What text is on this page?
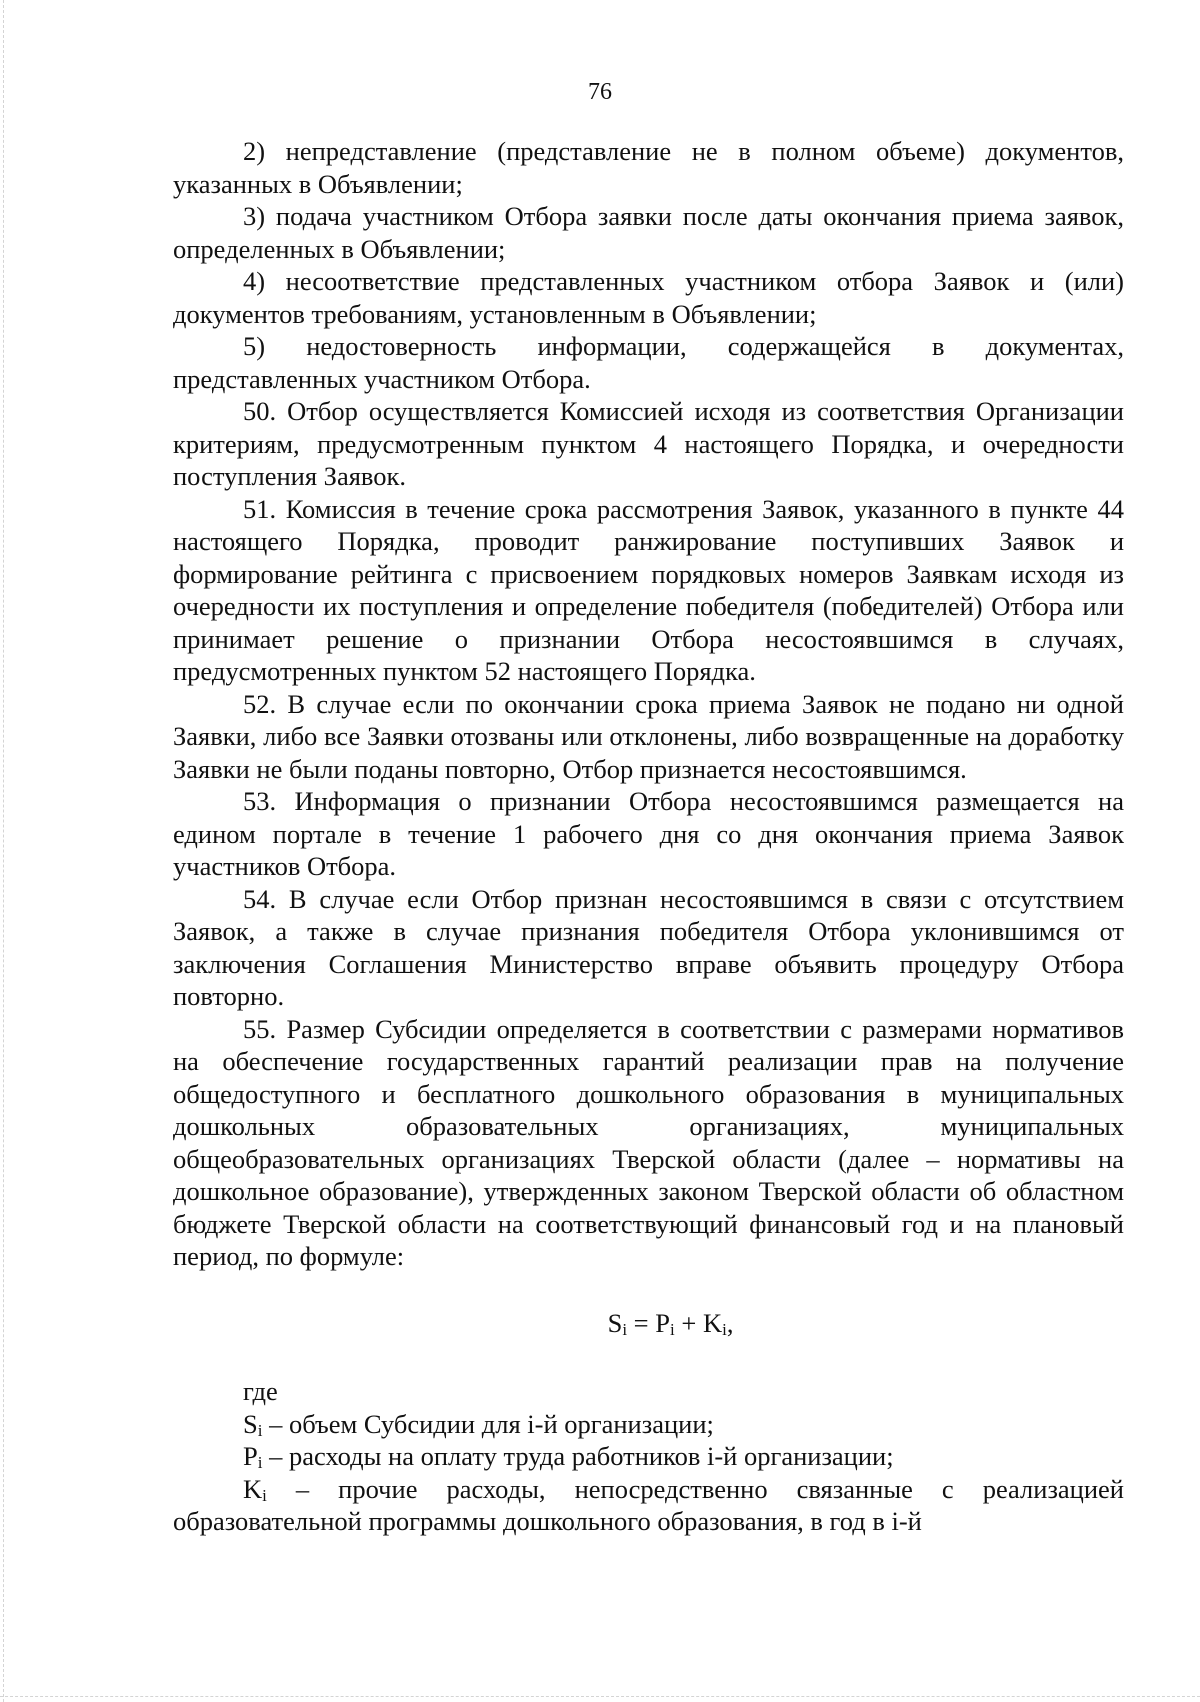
76

2) непредставление (представление не в полном объеме) документов, указанных в Объявлении;

3) подача участником Отбора заявки после даты окончания приема заявок, определенных в Объявлении;

4) несоответствие представленных участником отбора Заявок и (или) документов требованиям, установленным в Объявлении;

5) недостоверность информации, содержащейся в документах, представленных участником Отбора.

50. Отбор осуществляется Комиссией исходя из соответствия Организации критериям, предусмотренным пунктом 4 настоящего Порядка, и очередности поступления Заявок.

51. Комиссия в течение срока рассмотрения Заявок, указанного в пункте 44 настоящего Порядка, проводит ранжирование поступивших Заявок и формирование рейтинга с присвоением порядковых номеров Заявкам исходя из очередности их поступления и определение победителя (победителей) Отбора или принимает решение о признании Отбора несостоявшимся в случаях, предусмотренных пунктом 52 настоящего Порядка.

52. В случае если по окончании срока приема Заявок не подано ни одной Заявки, либо все Заявки отозваны или отклонены, либо возвращенные на доработку Заявки не были поданы повторно, Отбор признается несостоявшимся.

53. Информация о признании Отбора несостоявшимся размещается на едином портале в течение 1 рабочего дня со дня окончания приема Заявок участников Отбора.

54. В случае если Отбор признан несостоявшимся в связи с отсутствием Заявок, а также в случае признания победителя Отбора уклонившимся от заключения Соглашения Министерство вправе объявить процедуру Отбора повторно.

55. Размер Субсидии определяется в соответствии с размерами нормативов на обеспечение государственных гарантий реализации прав на получение общедоступного и бесплатного дошкольного образования в муниципальных дошкольных образовательных организациях, муниципальных общеобразовательных организациях Тверской области (далее – нормативы на дошкольное образование), утвержденных законом Тверской области об областном бюджете Тверской области на соответствующий финансовый год и на плановый период, по формуле:

$S_i = P_i + K_i$,

где

$S_i$ – объем Субсидии для i-й организации;

$P_i$ – расходы на оплату труда работников i-й организации;

$K_i$ – прочие расходы, непосредственно связанные с реализацией образовательной программы дошкольного образования, в год в i-й
